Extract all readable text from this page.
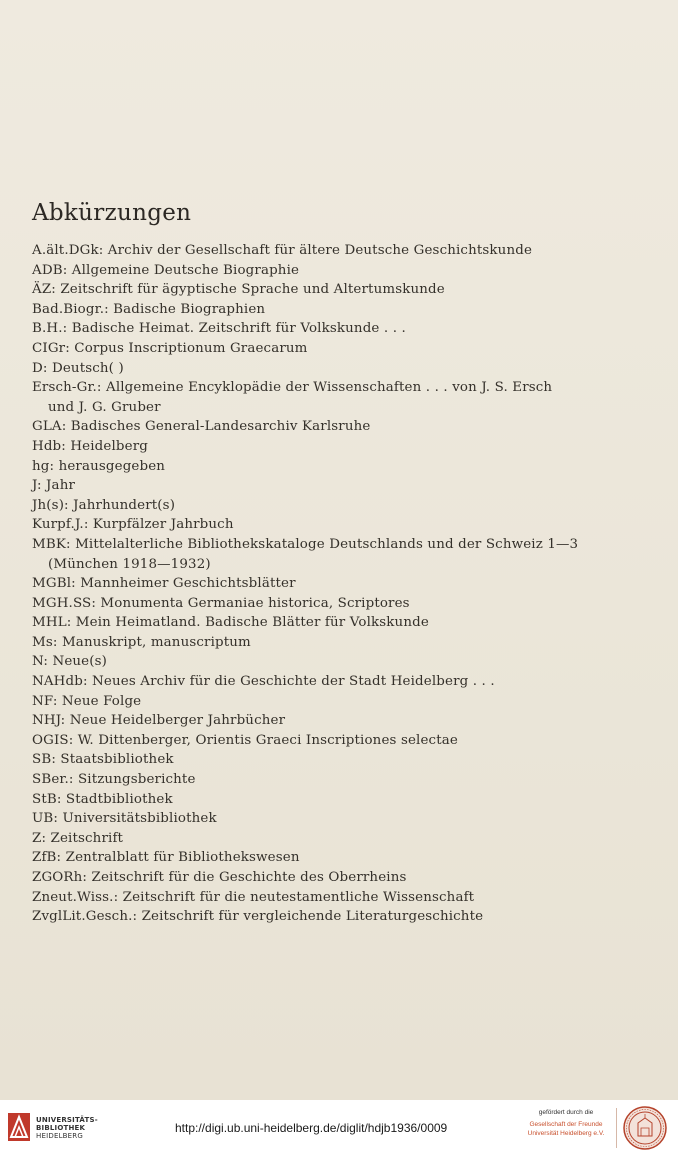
Abkürzungen
A.ält.DGk: Archiv der Gesellschaft für ältere Deutsche Geschichtskunde
ADB: Allgemeine Deutsche Biographie
ÄZ: Zeitschrift für ägyptische Sprache und Altertumskunde
Bad.Biogr.: Badische Biographien
B.H.: Badische Heimat. Zeitschrift für Volkskunde . . .
CIGr: Corpus Inscriptionum Graecarum
D: Deutsch( )
Ersch-Gr.: Allgemeine Encyklopädie der Wissenschaften . . . von J. S. Ersch
und J. G. Gruber
GLA: Badisches General-Landesarchiv Karlsruhe
Hdb: Heidelberg
hg: herausgegeben
J: Jahr
Jh(s): Jahrhundert(s)
Kurpf.J.: Kurpfälzer Jahrbuch
MBK: Mittelalterliche Bibliothekskataloge Deutschlands und der Schweiz 1—3
(München 1918—1932)
MGBl: Mannheimer Geschichtsblätter
MGH.SS: Monumenta Germaniae historica, Scriptores
MHL: Mein Heimatland. Badische Blätter für Volkskunde
Ms: Manuskript, manuscriptum
N: Neue(s)
NAHdb: Neues Archiv für die Geschichte der Stadt Heidelberg . . .
NF: Neue Folge
NHJ: Neue Heidelberger Jahrbücher
OGIS: W. Dittenberger, Orientis Graeci Inscriptiones selectae
SB: Staatsbibliothek
SBer.: Sitzungsberichte
StB: Stadtbibliothek
UB: Universitätsbibliothek
Z: Zeitschrift
ZfB: Zentralblatt für Bibliothekswesen
ZGORh: Zeitschrift für die Geschichte des Oberrheins
Zneut.Wiss.: Zeitschrift für die neutestamentliche Wissenschaft
ZvglLit.Gesch.: Zeitschrift für vergleichende Literaturgeschichte
UNIVERSITÄTS-
BIBLIOTHEK
HEIDELBERG
http://digi.ub.uni-heidelberg.de/diglit/hdjb1936/0009
gefördert durch die
Gesellschaft der Freunde
Universität Heidelberg e.V.
